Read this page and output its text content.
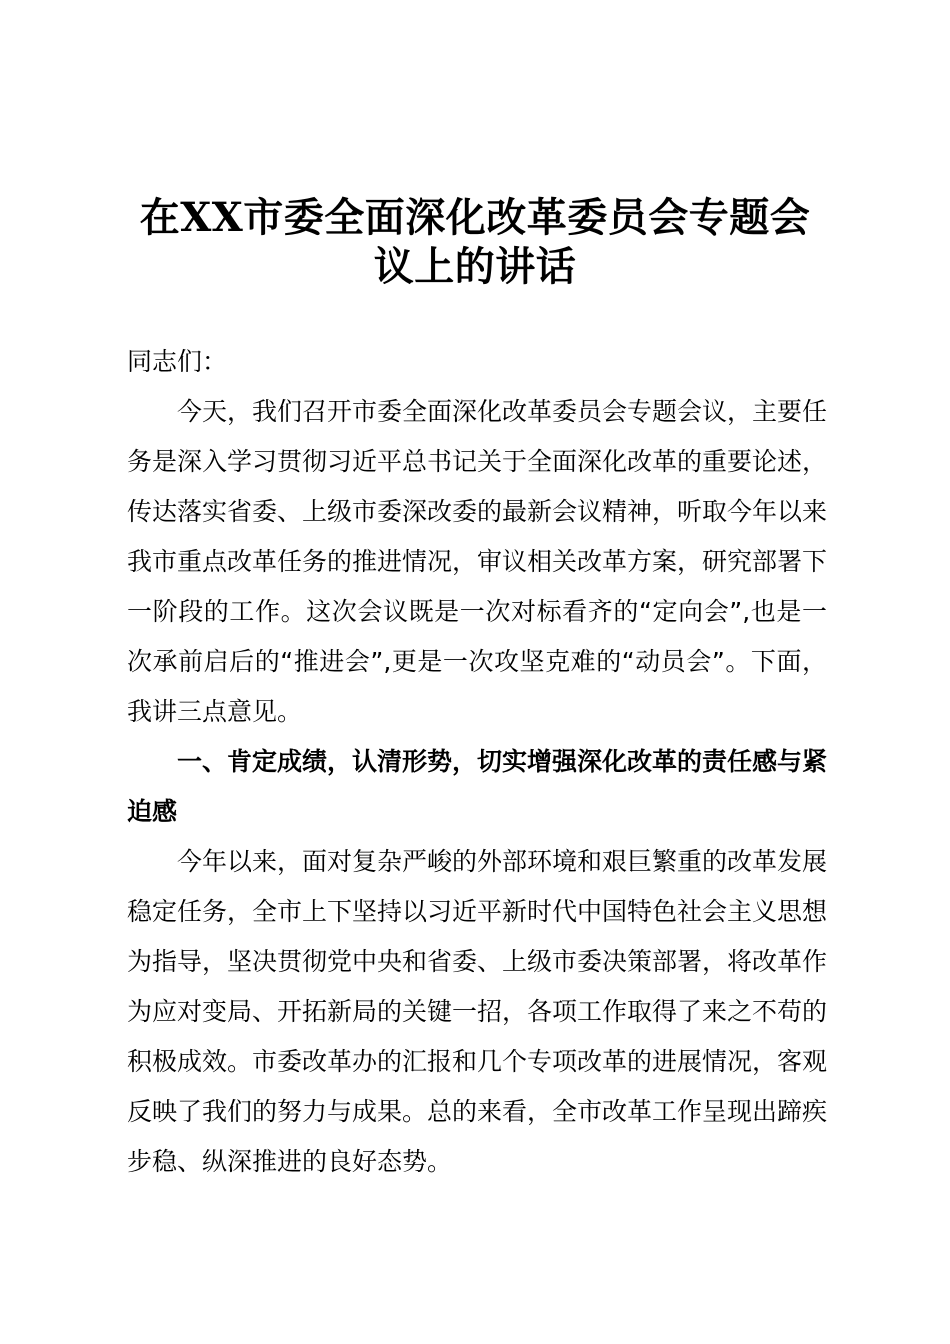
在XX市委全面深化改革委员会专题会
议上的讲话

同志们：

今天，我们召开市委全面深化改革委员会专题会议，主要任务是深入学习贯彻习近平总书记关于全面深化改革的重要论述，传达落实省委、上级市委深改委的最新会议精神，听取今年以来我市重点改革任务的推进情况，审议相关改革方案，研究部署下一阶段的工作。这次会议既是一次对标看齐的“定向会”,也是一次承前启后的“推进会”,更是一次攻坚克难的“动员会”。下面，我讲三点意见。

一、肯定成绩，认清形势，切实增强深化改革的责任感与紧迫感

今年以来，面对复杂严峻的外部环境和艰巨繁重的改革发展稳定任务，全市上下坚持以习近平新时代中国特色社会主义思想为指导，坚决贯彻党中央和省委、上级市委决策部署，将改革作为应对变局、开拓新局的关键一招，各项工作取得了来之不苟的积极成效。市委改革办的汇报和几个专项改革的进展情况，客观反映了我们的努力与成果。总的来看，全市改革工作呈现出蹄疾步稳、纵深推进的良好态势。
